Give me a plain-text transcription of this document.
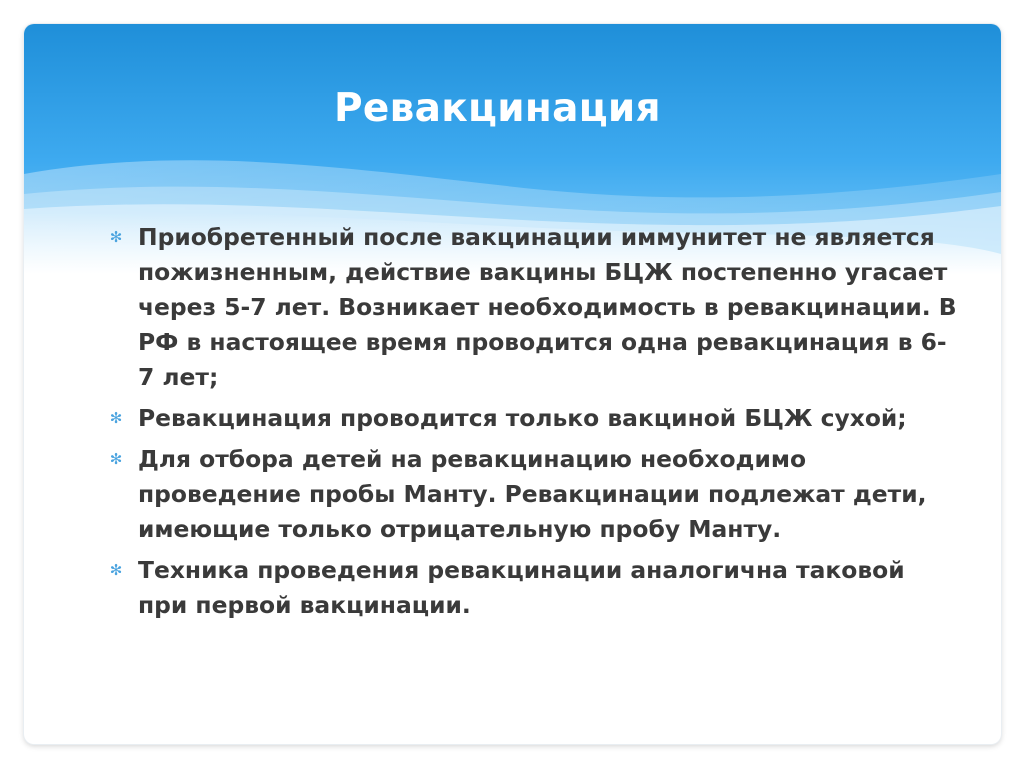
Ревакцинация
✻ Приобретенный после вакцинации иммунитет не является пожизненным, действие вакцины БЦЖ постепенно угасает через 5-7 лет. Возникает необходимость в ревакцинации. В РФ в настоящее время проводится одна ревакцинация в 6-7 лет;
✻ Ревакцинация проводится только вакциной БЦЖ сухой;
✻ Для отбора детей на ревакцинацию необходимо проведение пробы Манту. Ревакцинации подлежат дети, имеющие только отрицательную пробу Манту.
✻ Техника проведения ревакцинации аналогична таковой при первой вакцинации.
